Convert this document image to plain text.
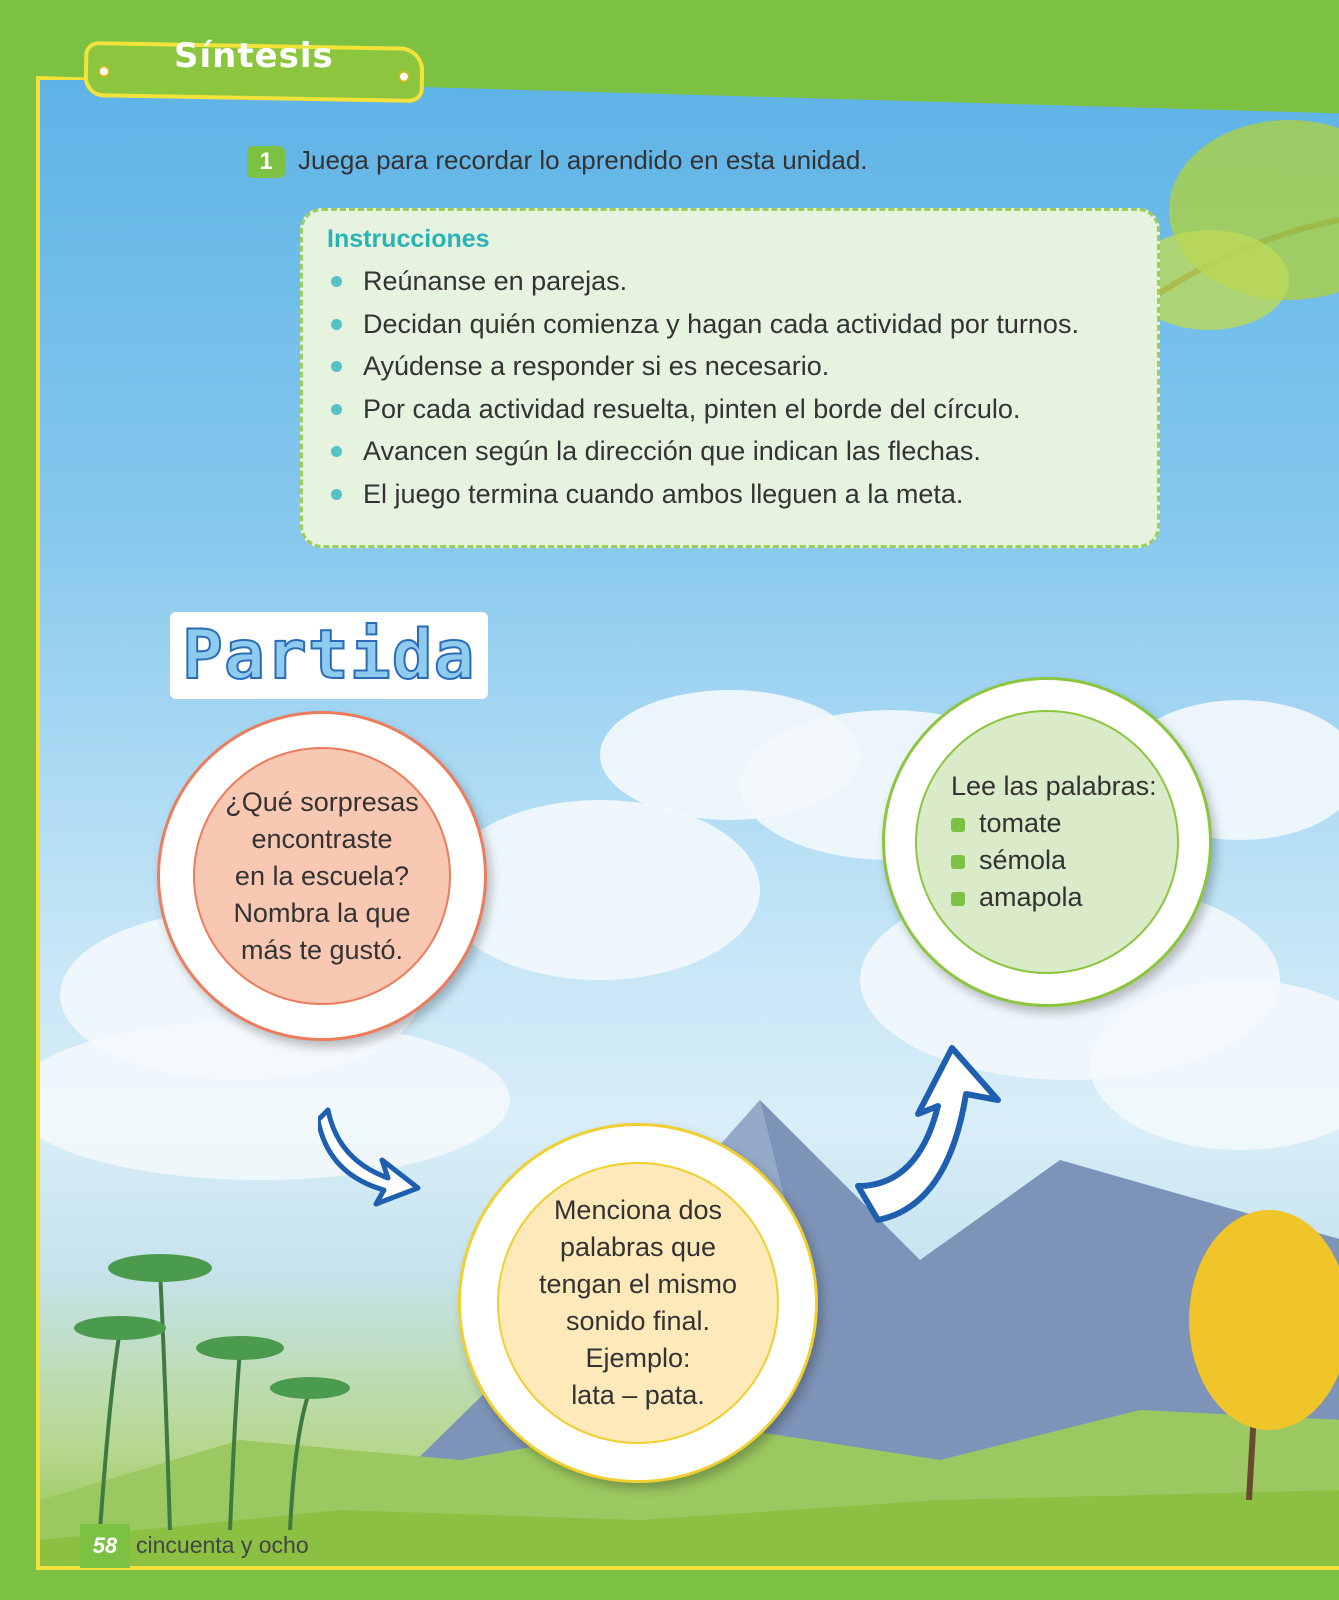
Síntesis
1 Juega para recordar lo aprendido en esta unidad.
Instrucciones
Reúnanse en parejas.
Decidan quién comienza y hagan cada actividad por turnos.
Ayúdense a responder si es necesario.
Por cada actividad resuelta, pinten el borde del círculo.
Avancen según la dirección que indican las flechas.
El juego termina cuando ambos lleguen a la meta.
Partida
¿Qué sorpresas
encontraste
en la escuela?
Nombra la que
más te gustó.
Lee las palabras:
tomate
sémola
amapola
Menciona dos
palabras que
tengan el mismo
sonido final.
Ejemplo:
lata – pata.
58 cincuenta y ocho
